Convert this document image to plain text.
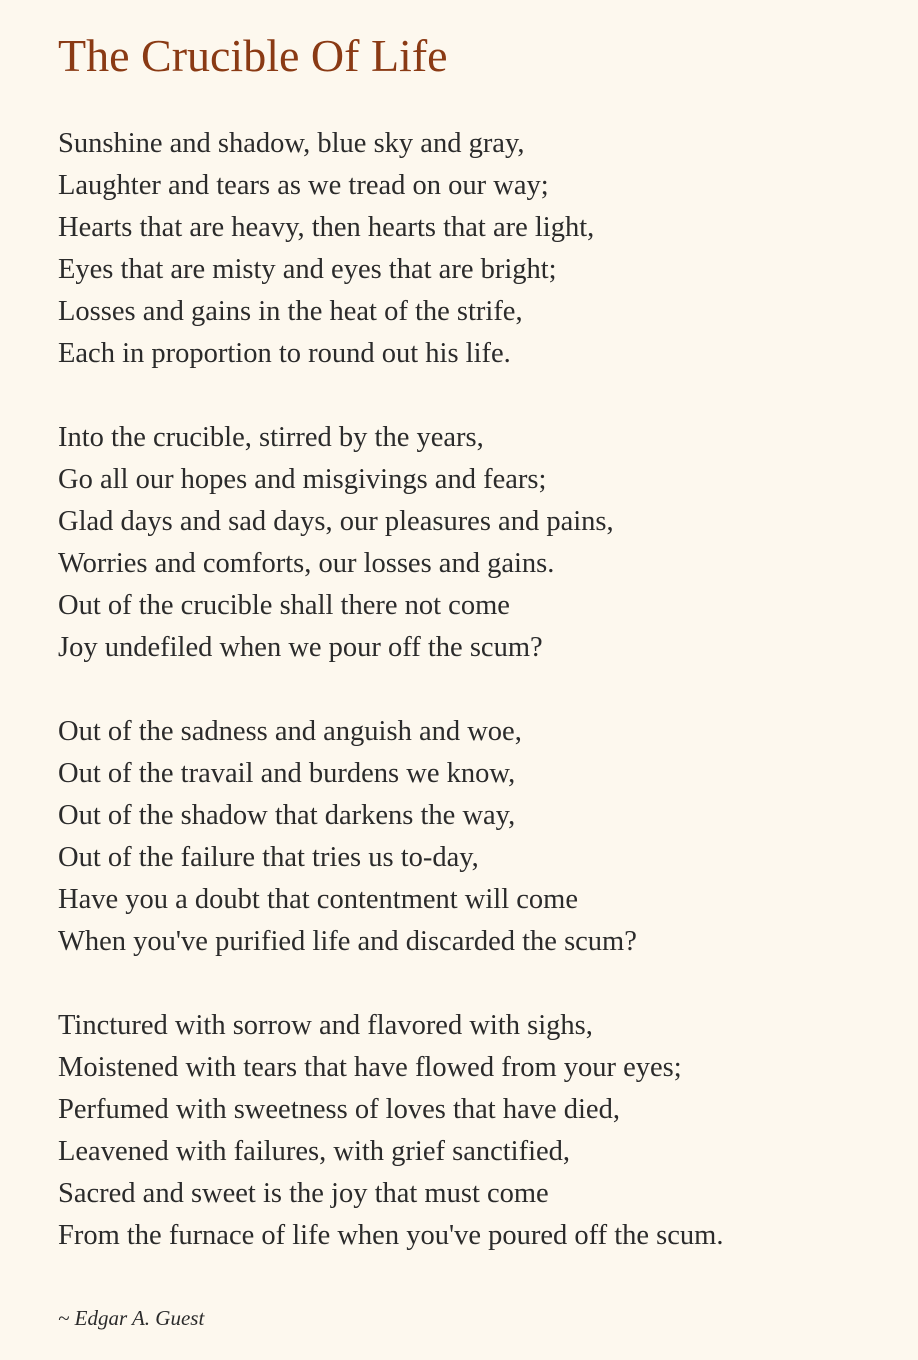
The Crucible Of Life
Sunshine and shadow, blue sky and gray,
Laughter and tears as we tread on our way;
Hearts that are heavy, then hearts that are light,
Eyes that are misty and eyes that are bright;
Losses and gains in the heat of the strife,
Each in proportion to round out his life.
Into the crucible, stirred by the years,
Go all our hopes and misgivings and fears;
Glad days and sad days, our pleasures and pains,
Worries and comforts, our losses and gains.
Out of the crucible shall there not come
Joy undefiled when we pour off the scum?
Out of the sadness and anguish and woe,
Out of the travail and burdens we know,
Out of the shadow that darkens the way,
Out of the failure that tries us to-day,
Have you a doubt that contentment will come
When you've purified life and discarded the scum?
Tinctured with sorrow and flavored with sighs,
Moistened with tears that have flowed from your eyes;
Perfumed with sweetness of loves that have died,
Leavened with failures, with grief sanctified,
Sacred and sweet is the joy that must come
From the furnace of life when you've poured off the scum.
~ Edgar A. Guest
